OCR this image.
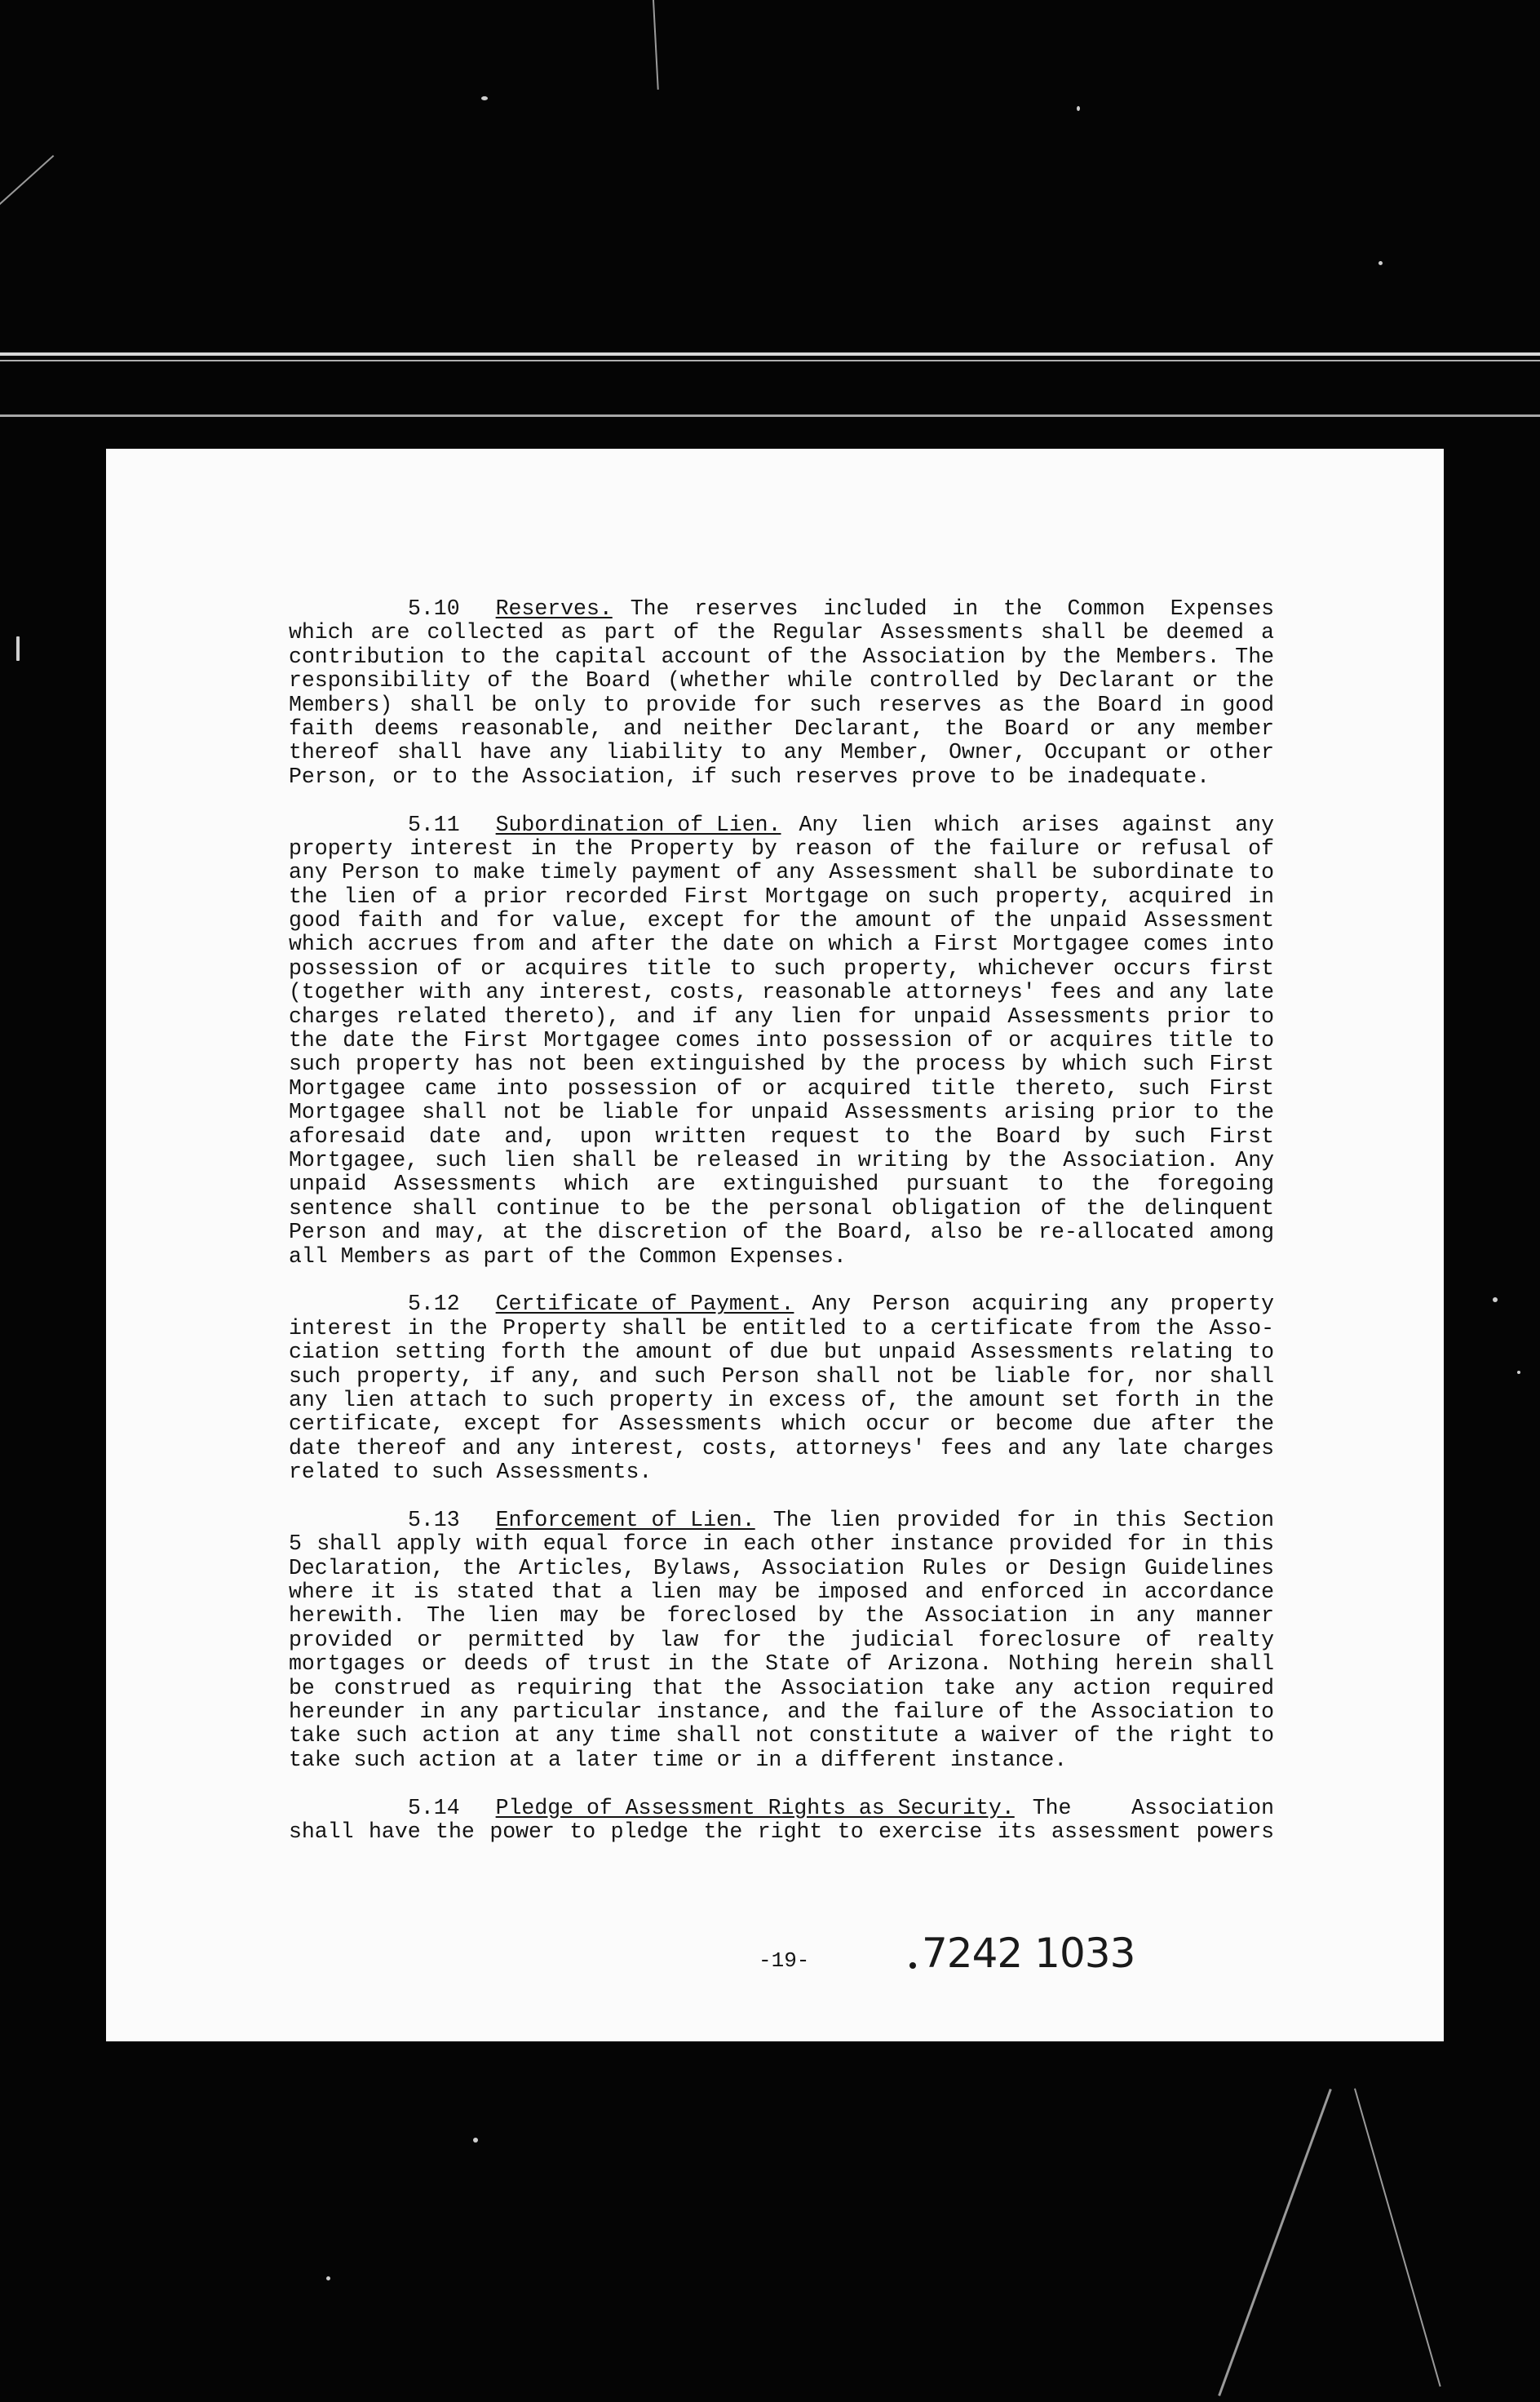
5.10 Reserves. The reserves included in the Common Expenses
which are collected as part of the Regular Assessments shall be deemed a
contribution to the capital account of the Association by the Members. The
responsibility of the Board (whether while controlled by Declarant or the
Members) shall be only to provide for such reserves as the Board in good
faith deems reasonable, and neither Declarant, the Board or any member
thereof shall have any liability to any Member, Owner, Occupant or other
Person, or to the Association, if such reserves prove to be inadequate.
5.11 Subordination of Lien. Any lien which arises against any
property interest in the Property by reason of the failure or refusal of
any Person to make timely payment of any Assessment shall be subordinate to
the lien of a prior recorded First Mortgage on such property, acquired in
good faith and for value, except for the amount of the unpaid Assessment
which accrues from and after the date on which a First Mortgagee comes into
possession of or acquires title to such property, whichever occurs first
(together with any interest, costs, reasonable attorneys' fees and any late
charges related thereto), and if any lien for unpaid Assessments prior to
the date the First Mortgagee comes into possession of or acquires title to
such property has not been extinguished by the process by which such First
Mortgagee came into possession of or acquired title thereto, such First
Mortgagee shall not be liable for unpaid Assessments arising prior to the
aforesaid date and, upon written request to the Board by such First
Mortgagee, such lien shall be released in writing by the Association. Any
unpaid Assessments which are extinguished pursuant to the foregoing
sentence shall continue to be the personal obligation of the delinquent
Person and may, at the discretion of the Board, also be re-allocated among
all Members as part of the Common Expenses.
5.12 Certificate of Payment. Any Person acquiring any property
interest in the Property shall be entitled to a certificate from the Asso-
ciation setting forth the amount of due but unpaid Assessments relating to
such property, if any, and such Person shall not be liable for, nor shall
any lien attach to such property in excess of, the amount set forth in the
certificate, except for Assessments which occur or become due after the
date thereof and any interest, costs, attorneys' fees and any late charges
related to such Assessments.
5.13 Enforcement of Lien. The lien provided for in this Section
5 shall apply with equal force in each other instance provided for in this
Declaration, the Articles, Bylaws, Association Rules or Design Guidelines
where it is stated that a lien may be imposed and enforced in accordance
herewith. The lien may be foreclosed by the Association in any manner
provided or permitted by law for the judicial foreclosure of realty
mortgages or deeds of trust in the State of Arizona. Nothing herein shall
be construed as requiring that the Association take any action required
hereunder in any particular instance, and the failure of the Association to
take such action at any time shall not constitute a waiver of the right to
take such action at a later time or in a different instance.
5.14 Pledge of Assessment Rights as Security. The Association
shall have the power to pledge the right to exercise its assessment powers
-19-	7242 1033
